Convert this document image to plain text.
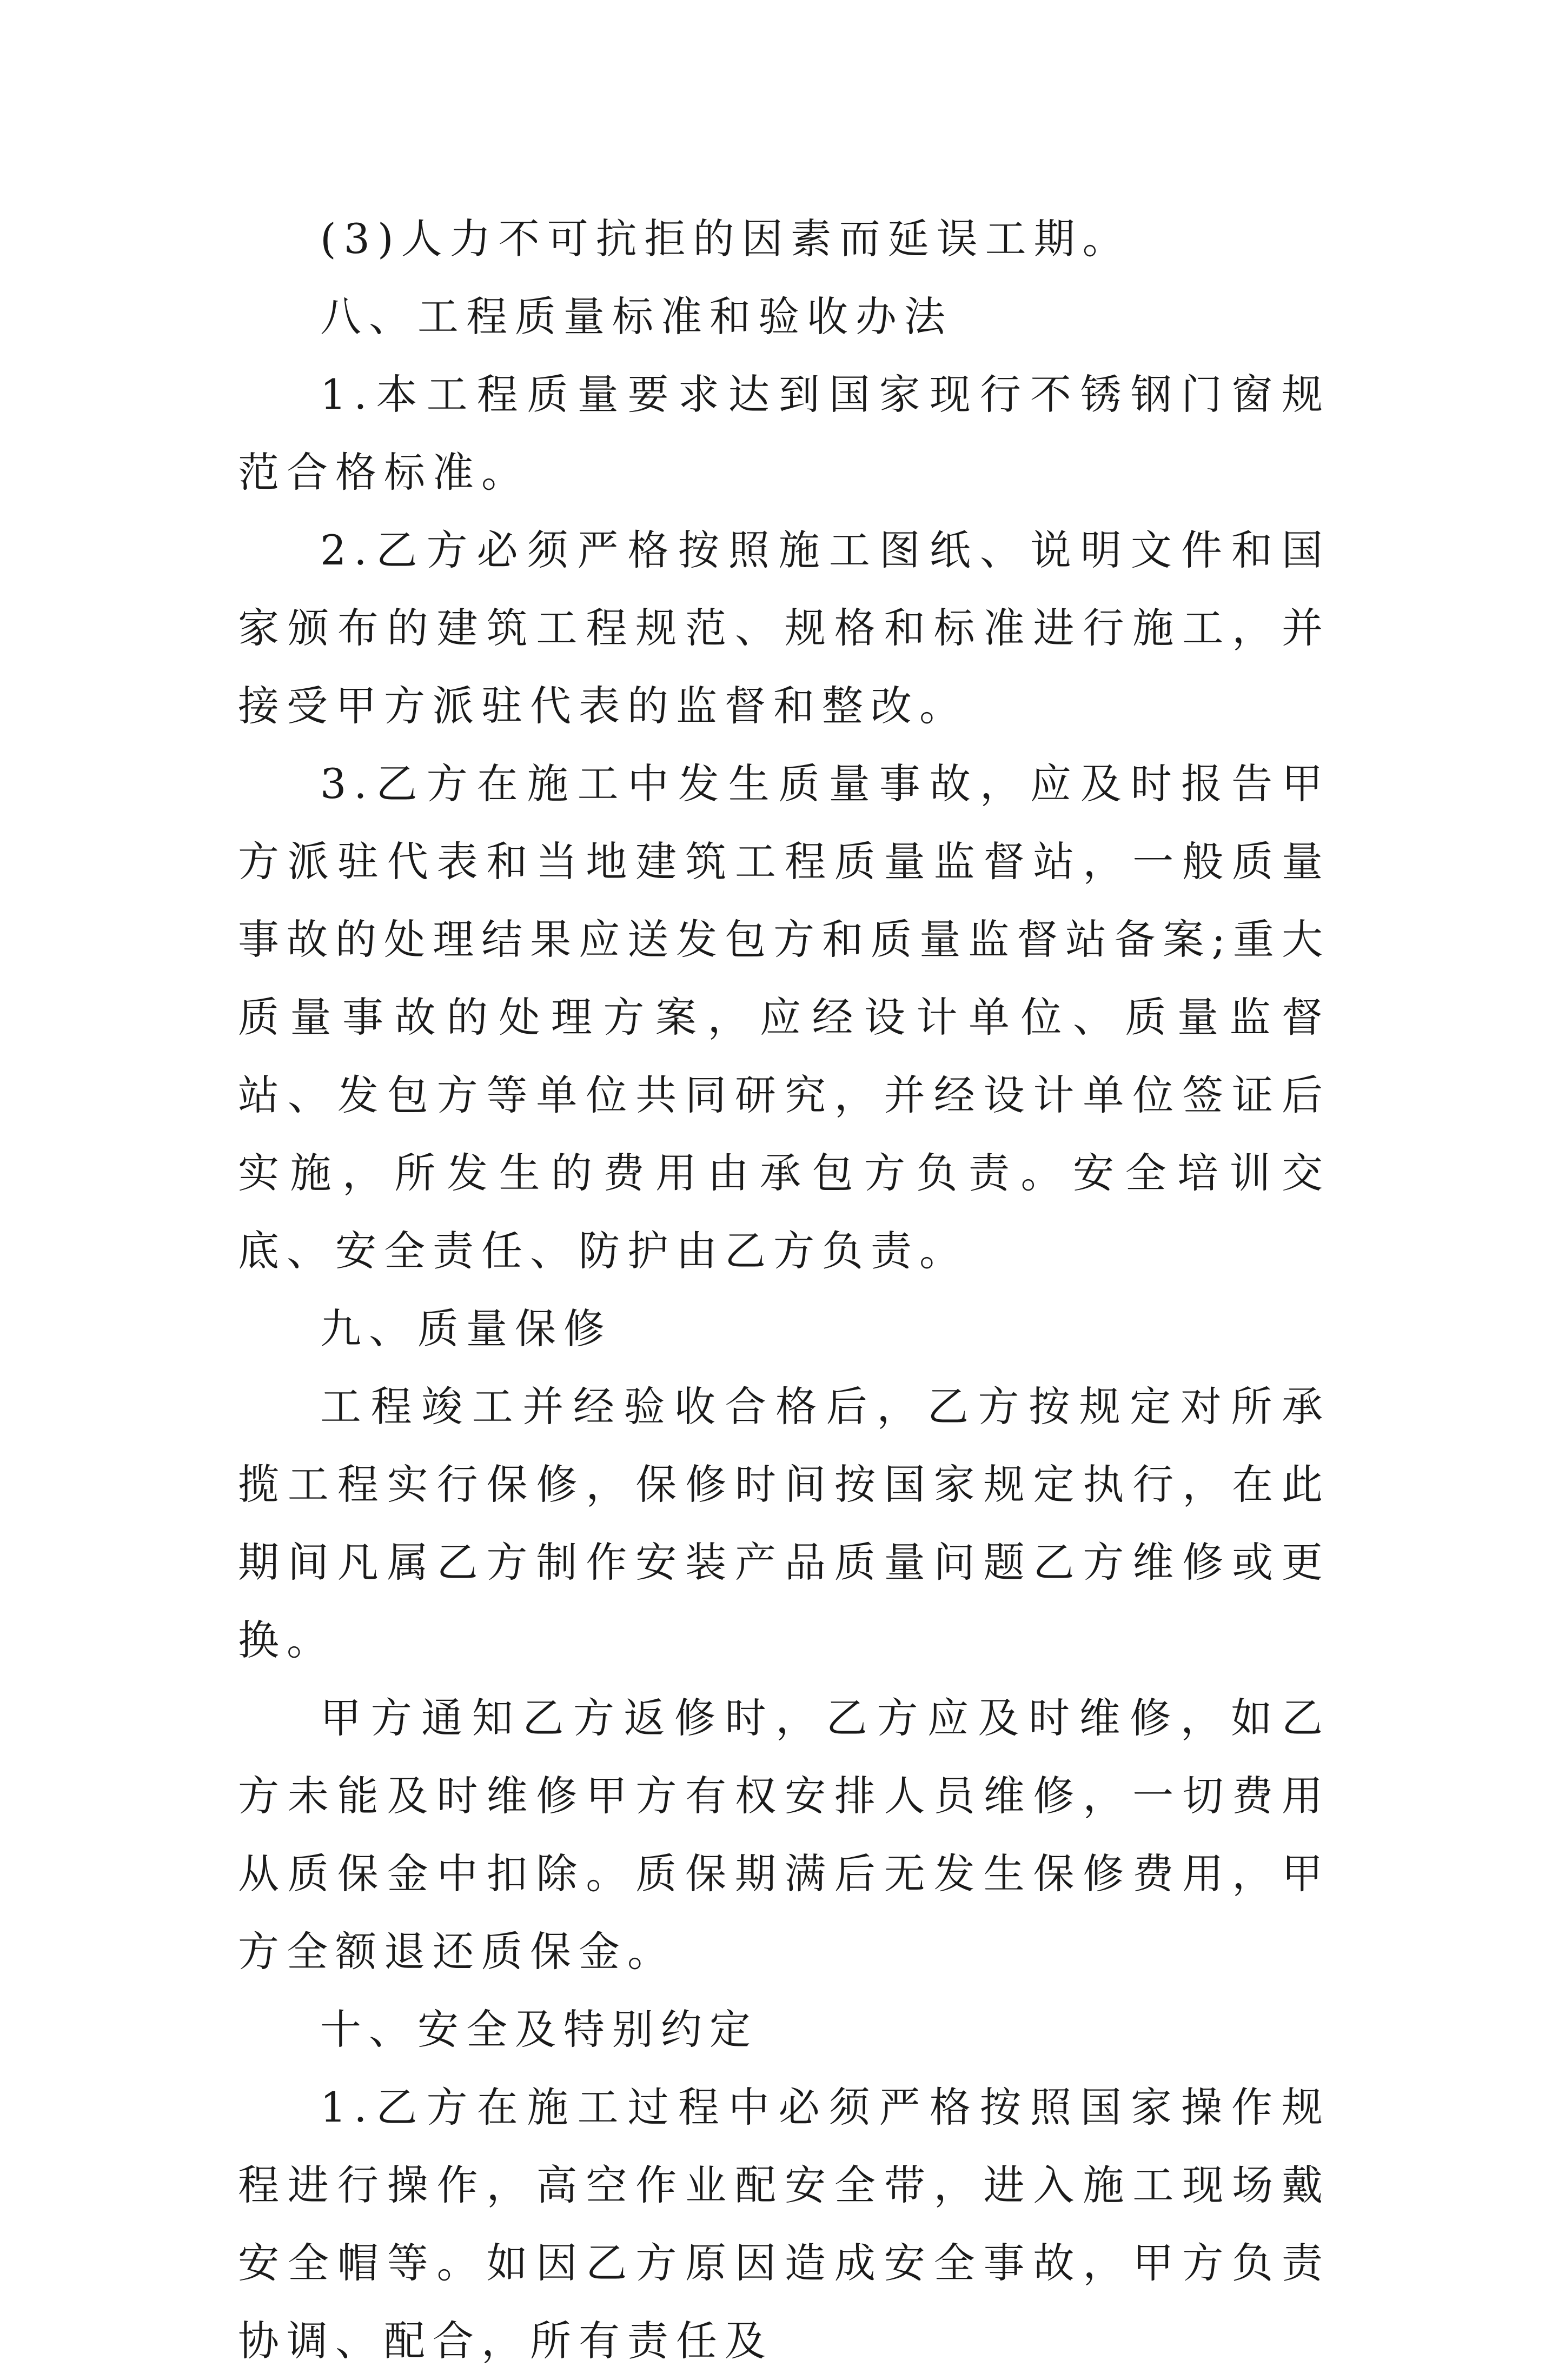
(3)人力不可抗拒的因素而延误工期。

八、工程质量标准和验收办法

1.本工程质量要求达到国家现行不锈钢门窗规范合格标准。

2.乙方必须严格按照施工图纸、说明文件和国家颁布的建筑工程规范、规格和标准进行施工，并接受甲方派驻代表的监督和整改。

3.乙方在施工中发生质量事故，应及时报告甲方派驻代表和当地建筑工程质量监督站，一般质量事故的处理结果应送发包方和质量监督站备案;重大质量事故的处理方案，应经设计单位、质量监督站、发包方等单位共同研究，并经设计单位签证后实施，所发生的费用由承包方负责。安全培训交底、安全责任、防护由乙方负责。

九、质量保修

工程竣工并经验收合格后，乙方按规定对所承揽工程实行保修，保修时间按国家规定执行，在此期间凡属乙方制作安装产品质量问题乙方维修或更换。

甲方通知乙方返修时，乙方应及时维修，如乙方未能及时维修甲方有权安排人员维修，一切费用从质保金中扣除。质保期满后无发生保修费用，甲方全额退还质保金。

十、安全及特别约定

1.乙方在施工过程中必须严格按照国家操作规程进行操作，高空作业配安全带，进入施工现场戴安全帽等。如因乙方原因造成安全事故，甲方负责协调、配合，所有责任及
